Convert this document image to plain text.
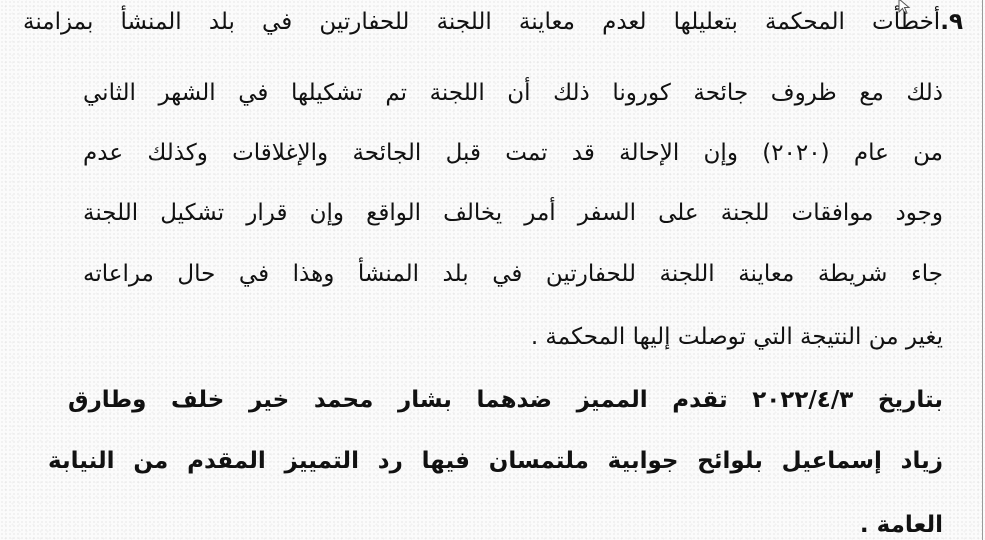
٩.أخطأت المحكمة بتعليلها لعدم معاينة اللجنة للحفارتين في بلد المنشأ بمزامنة
ذلك مع ظروف جائحة كورونا ذلك أن اللجنة تم تشكيلها في الشهر الثاني
من عام (٢٠٢٠) وإن الإحالة قد تمت قبل الجائحة والإغلاقات وكذلك عدم
وجود موافقات للجنة على السفر أمر يخالف الواقع وإن قرار تشكيل اللجنة
جاء شريطة معاينة اللجنة للحفارتين في بلد المنشأ وهذا في حال مراعاته
يغير من النتيجة التي توصلت إليها المحكمة .
بتاريخ ٢٠٢٢/٤/٣ تقدم المميز ضدهما بشار محمد خير خلف وطارق
زياد إسماعيل بلوائح جوابية ملتمسان فيها رد التمييز المقدم من النيابة
العامة .
